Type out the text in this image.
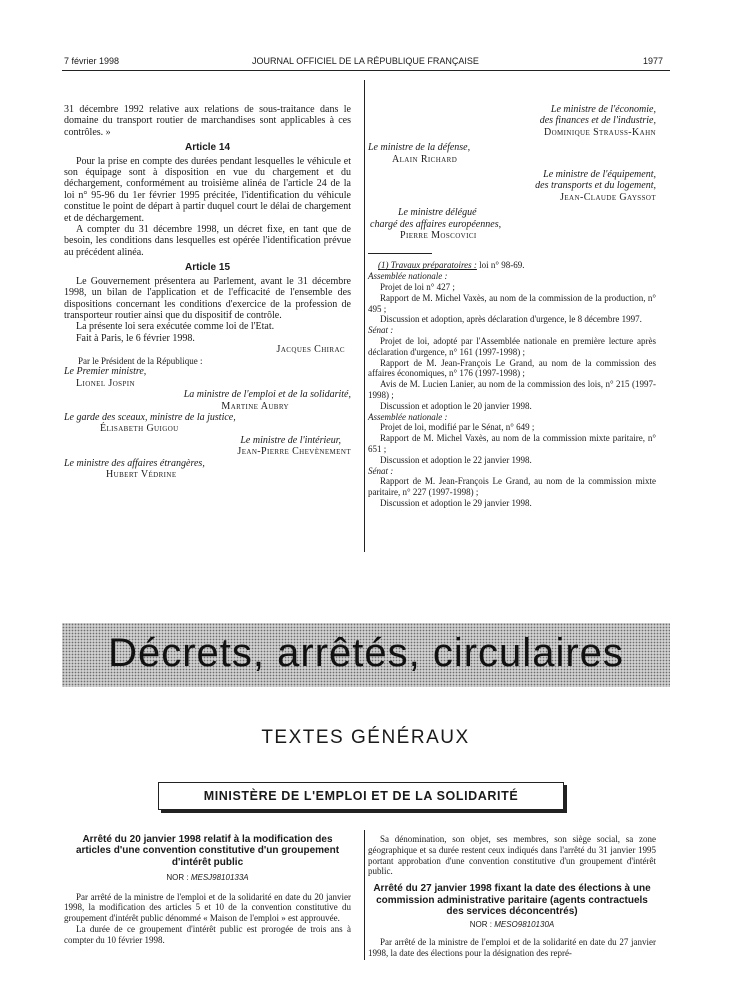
7 février 1998	JOURNAL OFFICIEL DE LA RÉPUBLIQUE FRANÇAISE	1977

31 décembre 1992 relative aux relations de sous-traitance dans le domaine du transport routier de marchandises sont applicables à ces contrôles. »

Article 14

Pour la prise en compte des durées pendant lesquelles le véhicule et son équipage sont à disposition en vue du chargement et du déchargement, conformément au troisième alinéa de l'article 24 de la loi n° 95-96 du 1er février 1995 précitée, l'identification du véhicule constitue le point de départ à partir duquel court le délai de chargement et de déchargement.

A compter du 31 décembre 1998, un décret fixe, en tant que de besoin, les conditions dans lesquelles est opérée l'identification prévue au précédent alinéa.

Article 15

Le Gouvernement présentera au Parlement, avant le 31 décembre 1998, un bilan de l'application et de l'efficacité de l'ensemble des dispositions concernant les conditions d'exercice de la profession de transporteur routier ainsi que du dispositif de contrôle.

La présente loi sera exécutée comme loi de l'Etat.

Fait à Paris, le 6 février 1998.

Jacques Chirac

Par le Président de la République :

Le Premier ministre,

Lionel Jospin

La ministre de l'emploi et de la solidarité,

Martine Aubry

Le garde des sceaux, ministre de la justice,

Élisabeth Guigou

Le ministre de l'intérieur,

Jean-Pierre Chevènement

Le ministre des affaires étrangères,

Hubert Védrine

Le ministre de l'économie,

des finances et de l'industrie,

Dominique Strauss-Kahn

Le ministre de la défense,

Alain Richard

Le ministre de l'équipement,

des transports et du logement,

Jean-Claude Gayssot

Le ministre délégué

chargé des affaires européennes,

Pierre Moscovici

(1) Travaux préparatoires : loi n° 98-69.

Assemblée nationale :

Projet de loi n° 427 ;

Rapport de M. Michel Vaxès, au nom de la commission de la production, n° 495 ;

Discussion et adoption, après déclaration d'urgence, le 8 décembre 1997.

Sénat :

Projet de loi, adopté par l'Assemblée nationale en première lecture après déclaration d'urgence, n° 161 (1997-1998) ;

Rapport de M. Jean-François Le Grand, au nom de la commission des affaires économiques, n° 176 (1997-1998) ;

Avis de M. Lucien Lanier, au nom de la commission des lois, n° 215 (1997-1998) ;

Discussion et adoption le 20 janvier 1998.

Assemblée nationale :

Projet de loi, modifié par le Sénat, n° 649 ;

Rapport de M. Michel Vaxès, au nom de la commission mixte paritaire, n° 651 ;

Discussion et adoption le 22 janvier 1998.

Sénat :

Rapport de M. Jean-François Le Grand, au nom de la commission mixte paritaire, n° 227 (1997-1998) ;

Discussion et adoption le 29 janvier 1998.

Décrets, arrêtés, circulaires
TEXTES GÉNÉRAUX
MINISTÈRE DE L'EMPLOI ET DE LA SOLIDARITÉ
Arrêté du 20 janvier 1998 relatif à la modification des articles d'une convention constitutive d'un groupement d'intérêt public
NOR : MESJ9810133A

Par arrêté de la ministre de l'emploi et de la solidarité en date du 20 janvier 1998, la modification des articles 5 et 10 de la convention constitutive du groupement d'intérêt public dénommé « Maison de l'emploi » est approuvée.

La durée de ce groupement d'intérêt public est prorogée de trois ans à compter du 10 février 1998.

Sa dénomination, son objet, ses membres, son siège social, sa zone géographique et sa durée restent ceux indiqués dans l'arrêté du 31 janvier 1995 portant approbation d'une convention constitutive d'un groupement d'intérêt public.

Arrêté du 27 janvier 1998 fixant la date des élections à une commission administrative paritaire (agents contractuels des services déconcentrés)
NOR : MESO9810130A

Par arrêté de la ministre de l'emploi et de la solidarité en date du 27 janvier 1998, la date des élections pour la désignation des repré-
